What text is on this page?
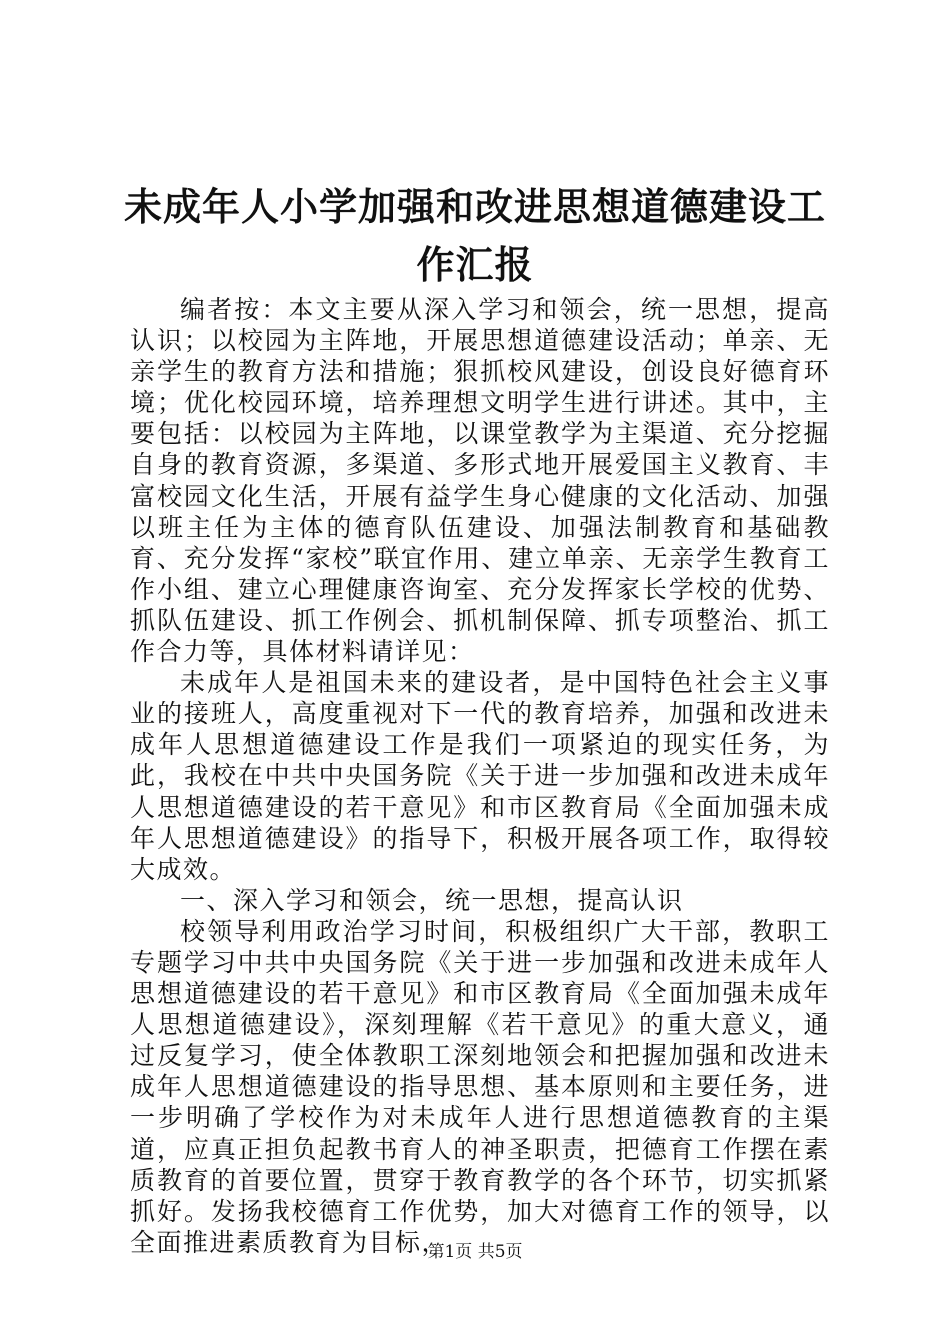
未成年人小学加强和改进思想道德建设工作汇报

编者按：本文主要从深入学习和领会，统一思想，提高认识；以校园为主阵地，开展思想道德建设活动；单亲、无亲学生的教育方法和措施；狠抓校风建设，创设良好德育环境；优化校园环境，培养理想文明学生进行讲述。其中，主要包括：以校园为主阵地，以课堂教学为主渠道、充分挖掘自身的教育资源，多渠道、多形式地开展爱国主义教育、丰富校园文化生活，开展有益学生身心健康的文化活动、加强以班主任为主体的德育队伍建设、加强法制教育和基础教育、充分发挥“家校”联宜作用、建立单亲、无亲学生教育工作小组、建立心理健康咨询室、充分发挥家长学校的优势、抓队伍建设、抓工作例会、抓机制保障、抓专项整治、抓工作合力等，具体材料请详见：

未成年人是祖国未来的建设者，是中国特色社会主义事业的接班人，高度重视对下一代的教育培养，加强和改进未成年人思想道德建设工作是我们一项紧迫的现实任务，为此，我校在中共中央国务院《关于进一步加强和改进未成年人思想道德建设的若干意见》和市区教育局《全面加强未成年人思想道德建设》的指导下，积极开展各项工作，取得较大成效。

一、深入学习和领会，统一思想，提高认识

校领导利用政治学习时间，积极组织广大干部，教职工专题学习中共中央国务院《关于进一步加强和改进未成年人思想道德建设的若干意见》和市区教育局《全面加强未成年人思想道德建设》，深刻理解《若干意见》的重大意义，通过反复学习，使全体教职工深刻地领会和把握加强和改进未成年人思想道德建设的指导思想、基本原则和主要任务，进一步明确了学校作为对未成年人进行思想道德教育的主渠道，应真正担负起教书育人的神圣职责，把德育工作摆在素质教育的首要位置，贯穿于教育教学的各个环节，切实抓紧抓好。发扬我校德育工作优势，加大对德育工作的领导，以全面推进素质教育为目标，

第1页 共5页
